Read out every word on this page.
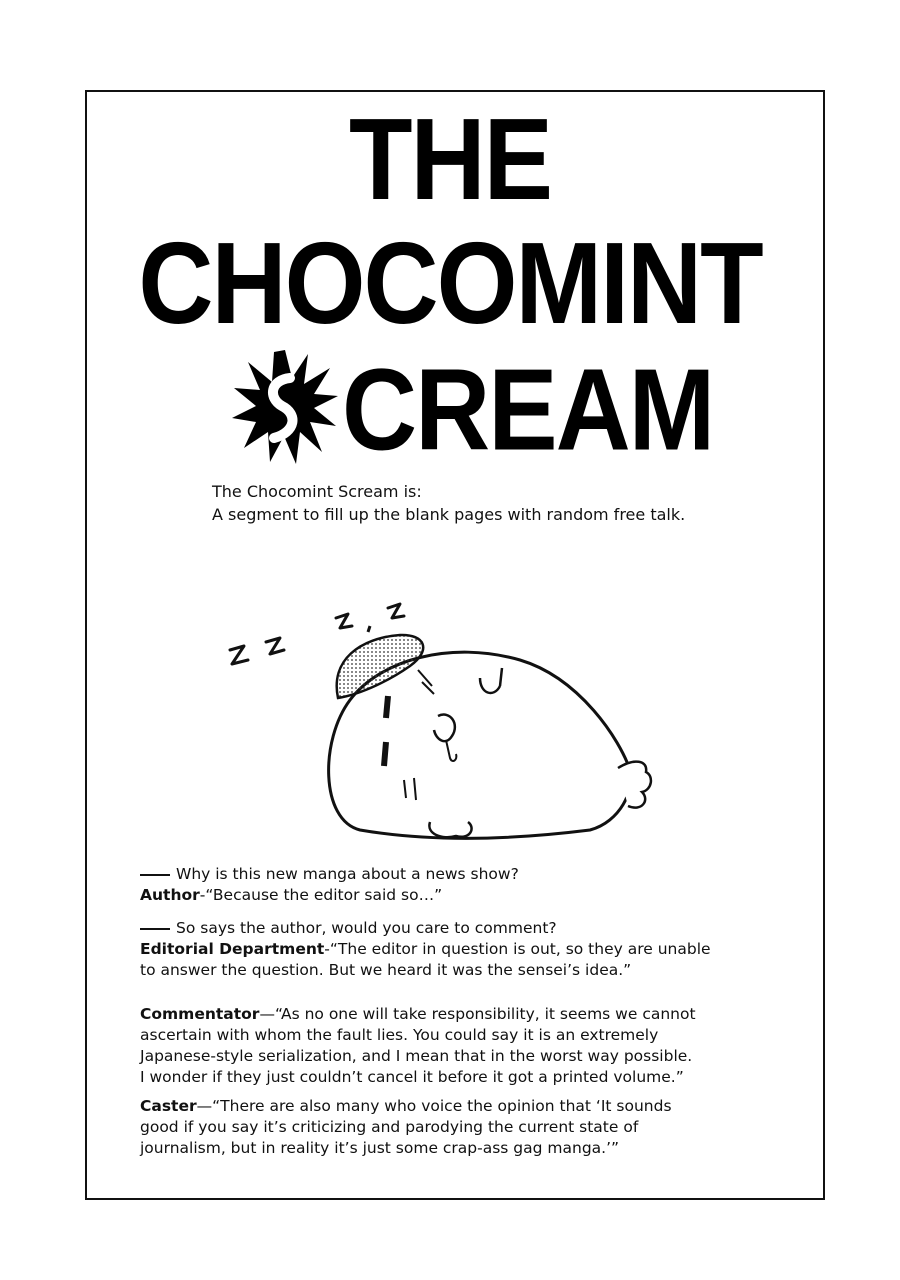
THE
CHOCOMINT
CREAM
The Chocomint Scream is:
A segment to fill up the blank pages with random free talk.
Why is this new manga about a news show?
Author-“Because the editor said so…”
So says the author, would you care to comment?
Editorial Department-“The editor in question is out, so they are unable
to answer the question. But we heard it was the sensei’s idea.”
Commentator—“As no one will take responsibility, it seems we cannot
ascertain with whom the fault lies. You could say it is an extremely
Japanese-style serialization, and I mean that in the worst way possible.
I wonder if they just couldn’t cancel it before it got a printed volume.”
Caster—“There are also many who voice the opinion that ‘It sounds
good if you say it’s criticizing and parodying the current state of
journalism, but in reality it’s just some crap-ass gag manga.’”
